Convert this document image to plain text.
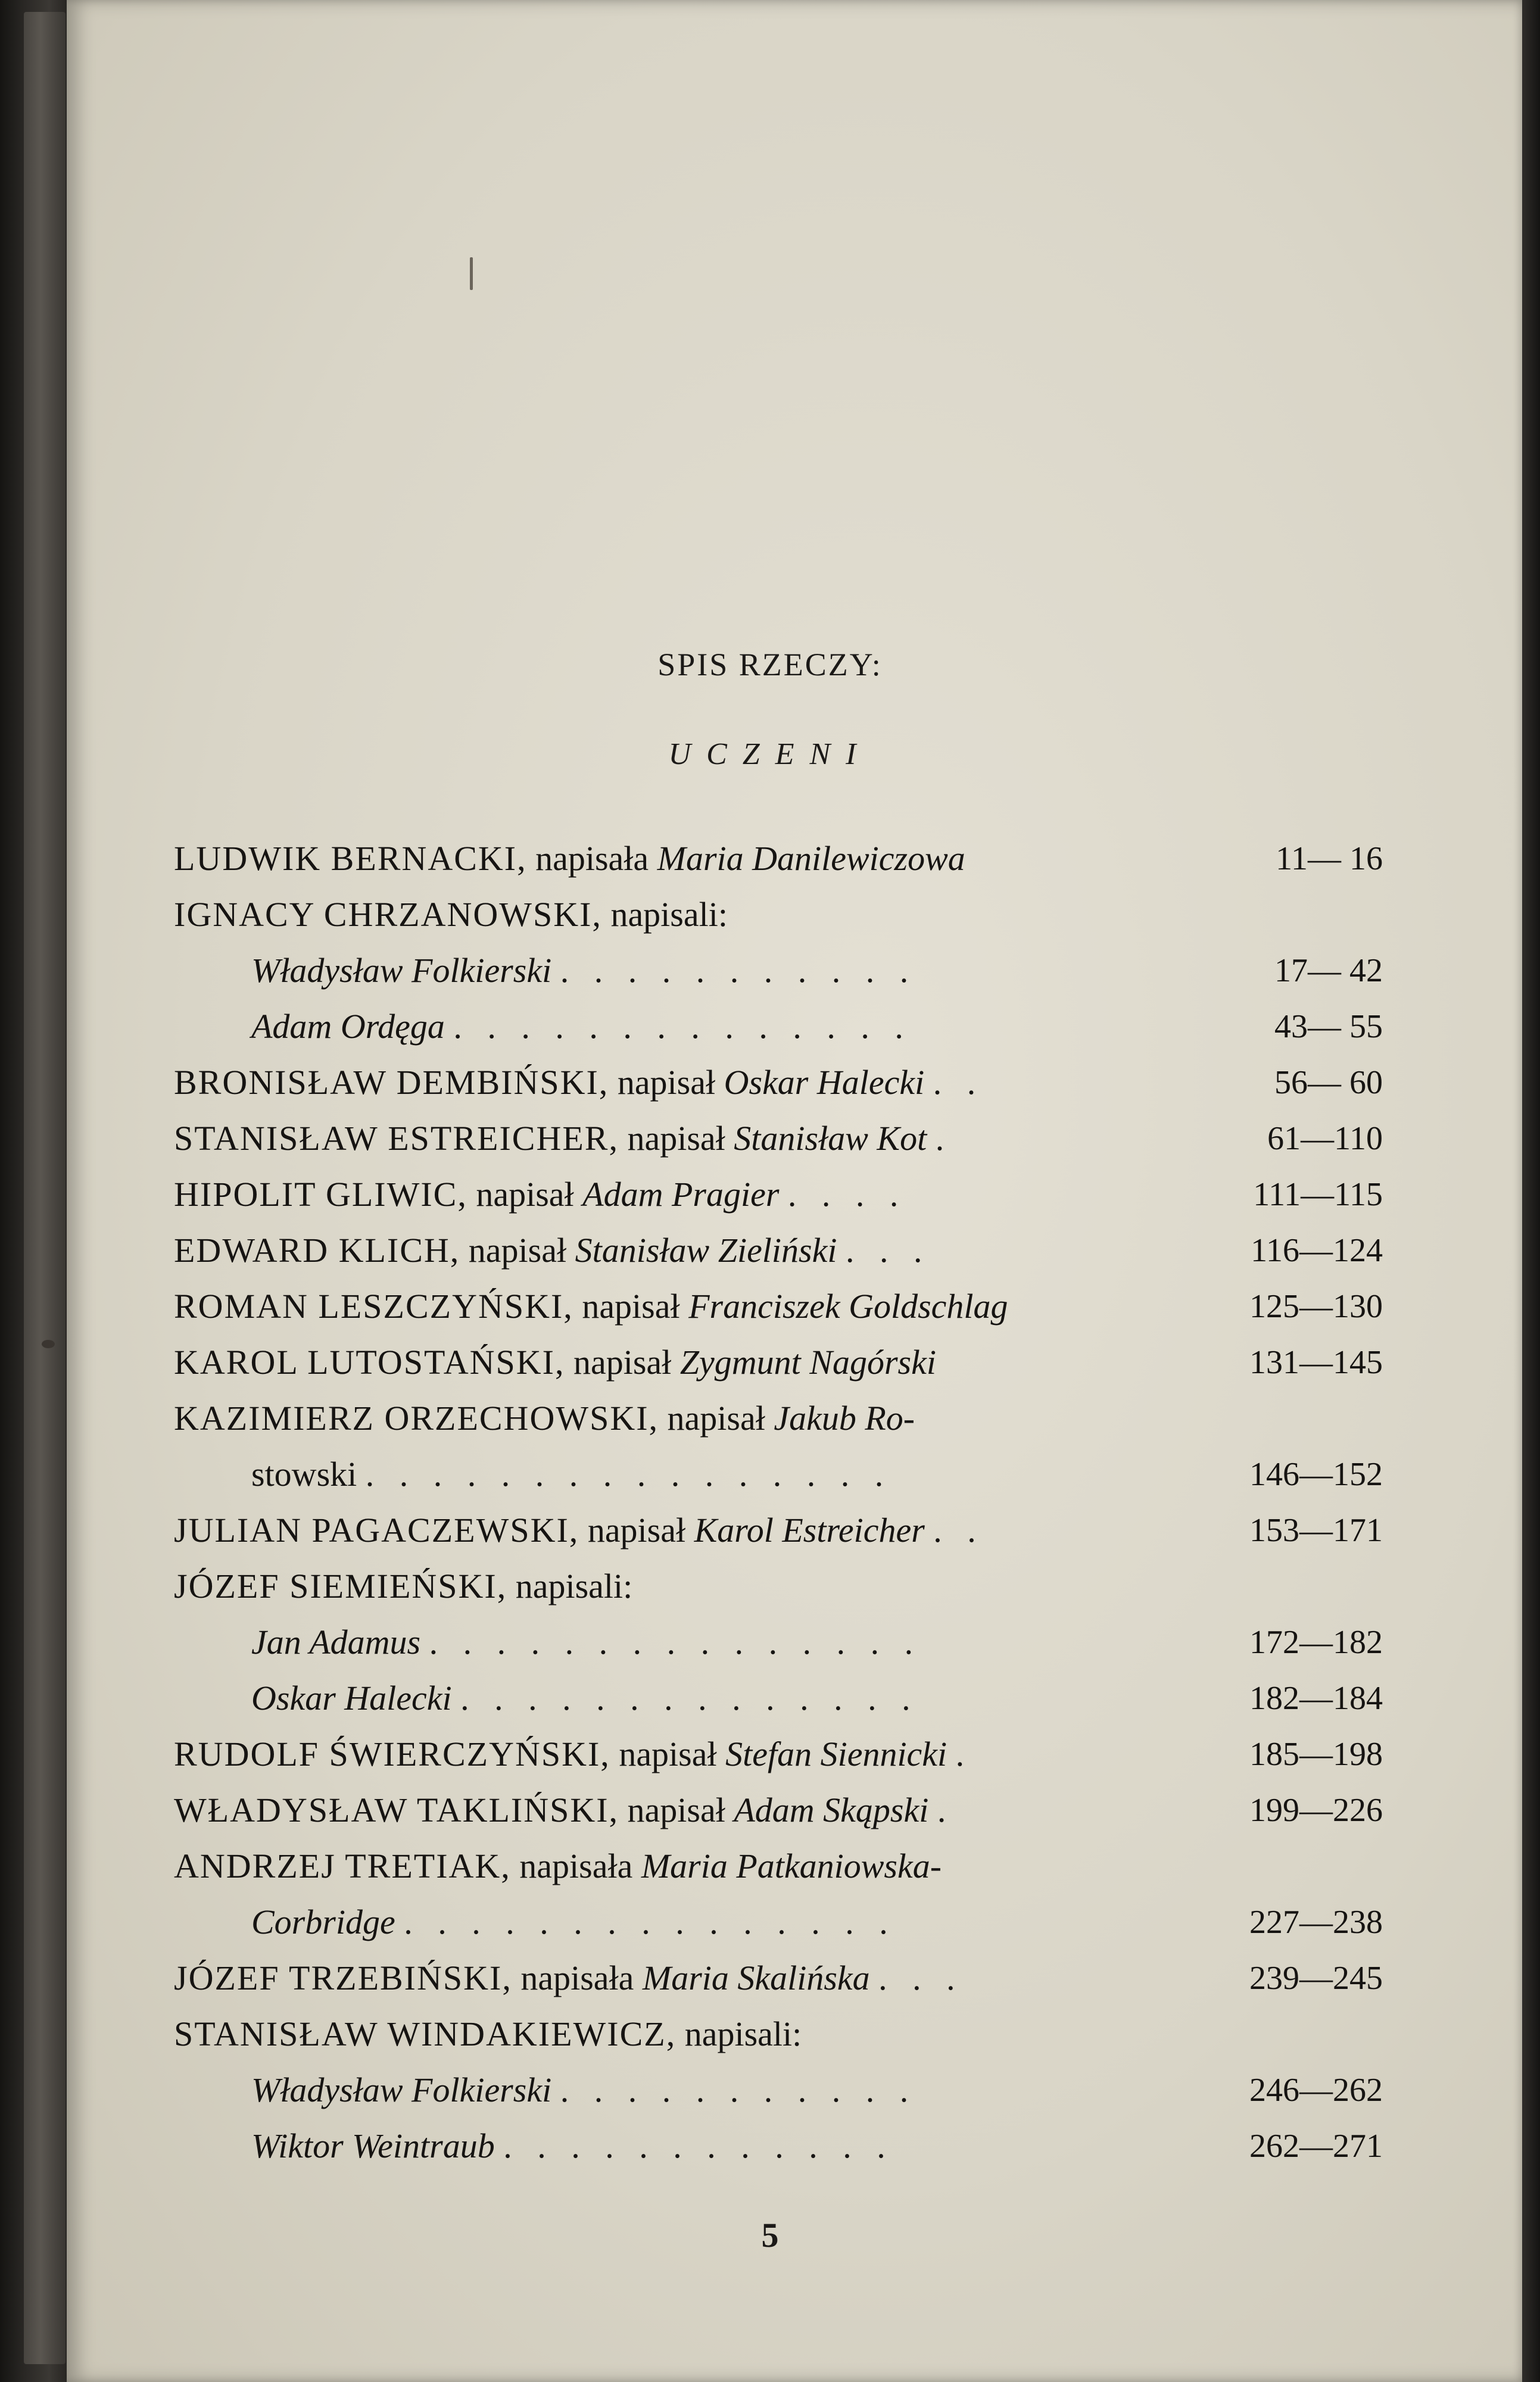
SPIS RZECZY:
UCZENI
LUDWIK BERNACKI, napisała Maria Danilewiczowa	11— 16
IGNACY CHRZANOWSKI, napisali:
Władysław Folkierski . . . . . . . . . . .	17— 42
Adam Ordęga . . . . . . . . . . . . . .	43— 55
BRONISŁAW DEMBIŃSKI, napisał Oskar Halecki . .	56— 60
STANISŁAW ESTREICHER, napisał Stanisław Kot .	61—110
HIPOLIT GLIWIC, napisał Adam Pragier . . . .	111—115
EDWARD KLICH, napisał Stanisław Zieliński . . .	116—124
ROMAN LESZCZYŃSKI, napisał Franciszek Goldschlag	125—130
KAROL LUTOSTAŃSKI, napisał Zygmunt Nagórski	131—145
KAZIMIERZ ORZECHOWSKI, napisał Jakub Ro-
stowski . . . . . . . . . . . . . . . .	146—152
JULIAN PAGACZEWSKI, napisał Karol Estreicher . .	153—171
JÓZEF SIEMIEŃSKI, napisali:
Jan Adamus . . . . . . . . . . . . . . .	172—182
Oskar Halecki . . . . . . . . . . . . . .	182—184
RUDOLF ŚWIERCZYŃSKI, napisał Stefan Siennicki .	185—198
WŁADYSŁAW TAKLIŃSKI, napisał Adam Skąpski .	199—226
ANDRZEJ TRETIAK, napisała Maria Patkaniowska-
Corbridge . . . . . . . . . . . . . . .	227—238
JÓZEF TRZEBIŃSKI, napisała Maria Skalińska . . .	239—245
STANISŁAW WINDAKIEWICZ, napisali:
Władysław Folkierski . . . . . . . . . . .	246—262
Wiktor Weintraub . . . . . . . . . . . .	262—271
5
